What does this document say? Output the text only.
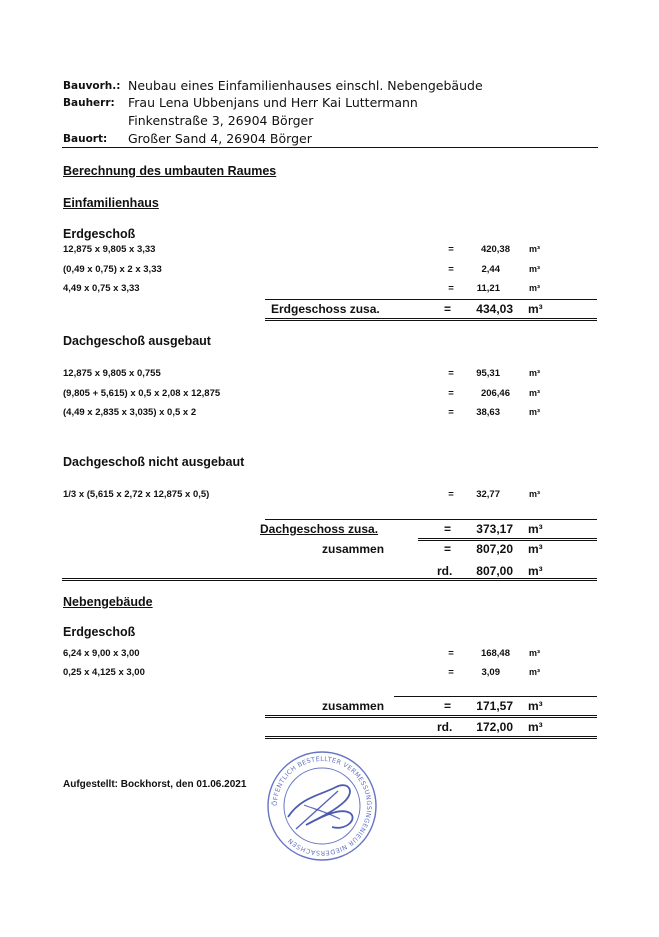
Bauvorh.: Neubau eines Einfamilienhauses einschl. Nebengebäude
Bauherr: Frau Lena Ubbenjans und Herr Kai Luttermann
Finkenstraße 3, 26904 Börger
Bauort: Großer Sand 4, 26904 Börger
Berechnung des umbauten Raumes
Einfamilienhaus
Erdgeschoß
12,875 x 9,805 x 3,33	=	420,38 m³
(0,49 x 0,75) x 2 x 3,33	=	2,44	m³
4,49 x 0,75 x 3,33	=	11,21	m³
Erdgeschoss zusa.	=	434,03 m³
Dachgeschoß ausgebaut
12,875 x 9,805 x 0,755	=	95,31	m³
(9,805 + 5,615) x 0,5 x 2,08 x 12,875	=	206,46 m³
(4,49 x 2,835 x 3,035) x 0,5 x 2	=	38,63	m³
Dachgeschoß nicht ausgebaut
1/3 x (5,615 x 2,72 x 12,875 x 0,5)	=	32,77	m³
Dachgeschoss zusa.	=	373,17 m³
zusammen	=	807,20 m³
rd.	807,00 m³
Nebengebäude
Erdgeschoß
6,24 x 9,00 x 3,00	=	168,48 m³
0,25 x 4,125 x 3,00	=	3,09	m³
zusammen	=	171,57 m³
rd.	172,00 m³
Aufgestellt: Bockhorst, den 01.06.2021
ÖFFENTLICH BESTELLTER VERMESSUNGSINGENIEUR NIEDERSACHSEN
